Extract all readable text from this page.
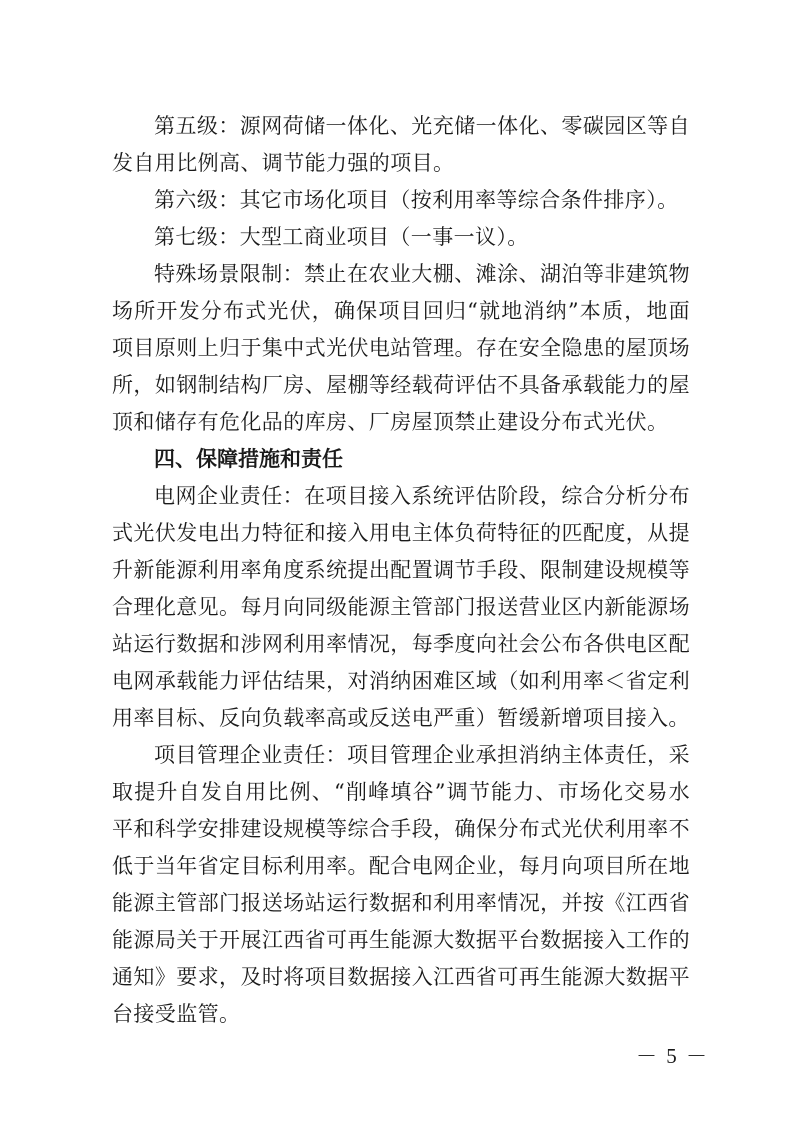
第五级：源网荷储一体化、光充储一体化、零碳园区等自发自用比例高、调节能力强的项目。

第六级：其它市场化项目（按利用率等综合条件排序）。

第七级：大型工商业项目（一事一议）。

特殊场景限制：禁止在农业大棚、滩涂、湖泊等非建筑物场所开发分布式光伏，确保项目回归“就地消纳”本质，地面项目原则上归于集中式光伏电站管理。存在安全隐患的屋顶场所，如钢制结构厂房、屋棚等经载荷评估不具备承载能力的屋顶和储存有危化品的库房、厂房屋顶禁止建设分布式光伏。

四、保障措施和责任

电网企业责任：在项目接入系统评估阶段，综合分析分布式光伏发电出力特征和接入用电主体负荷特征的匹配度，从提升新能源利用率角度系统提出配置调节手段、限制建设规模等合理化意见。每月向同级能源主管部门报送营业区内新能源场站运行数据和涉网利用率情况，每季度向社会公布各供电区配电网承载能力评估结果，对消纳困难区域（如利用率＜省定利用率目标、反向负载率高或反送电严重）暂缓新增项目接入。

项目管理企业责任：项目管理企业承担消纳主体责任，采取提升自发自用比例、“削峰填谷”调节能力、市场化交易水平和科学安排建设规模等综合手段，确保分布式光伏利用率不低于当年省定目标利用率。配合电网企业，每月向项目所在地能源主管部门报送场站运行数据和利用率情况，并按《江西省能源局关于开展江西省可再生能源大数据平台数据接入工作的通知》要求，及时将项目数据接入江西省可再生能源大数据平台接受监管。

－ 5 －
